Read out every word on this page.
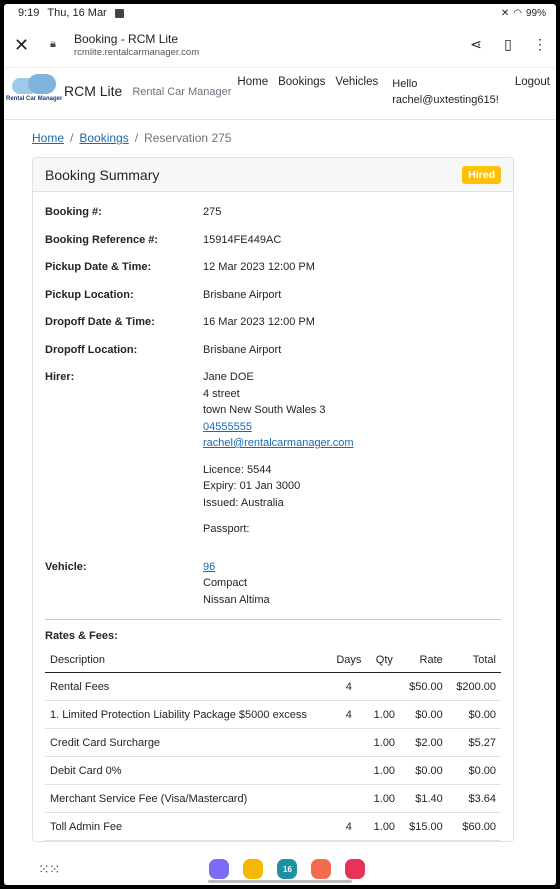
9:19 Thu, 16 Mar	✕ ◠ 99%
✕	🔒︎	Booking - RCM Lite
rcmlite.rentalcarmanager.com	⋖ ▯ ⋮
Rental Car Manager RCM Lite Rental Car Manager
Home Bookings Vehicles Hello
rachel@uxtesting615!
Logout
Home / Bookings / Reservation 275
Booking Summary	Hired
Booking #:	275
Booking Reference #:	15914FE449AC
Pickup Date & Time:	12 Mar 2023 12:00 PM
Pickup Location:	Brisbane Airport
Dropoff Date & Time:	16 Mar 2023 12:00 PM
Dropoff Location:	Brisbane Airport
Hirer:	Jane DOE
4 street
town New South Wales 3
04555555
rachel@rentalcarmanager.com
Licence: 5544
Expiry: 01 Jan 3000
Issued: Australia
Passport:
Vehicle:	96
Compact
Nissan Altima
Rates & Fees:
Description	Days	Qty	Rate	Total
Rental Fees	4		$50.00	$200.00
1. Limited Protection Liability Package $5000 excess	4	1.00	$0.00	$0.00
Credit Card Surcharge		1.00	$2.00	$5.27
Debit Card 0%		1.00	$0.00	$0.00
Merchant Service Fee (Visa/Mastercard)		1.00	$1.40	$3.64
Toll Admin Fee	4	1.00	$15.00	$60.00
⁙⁙	16
